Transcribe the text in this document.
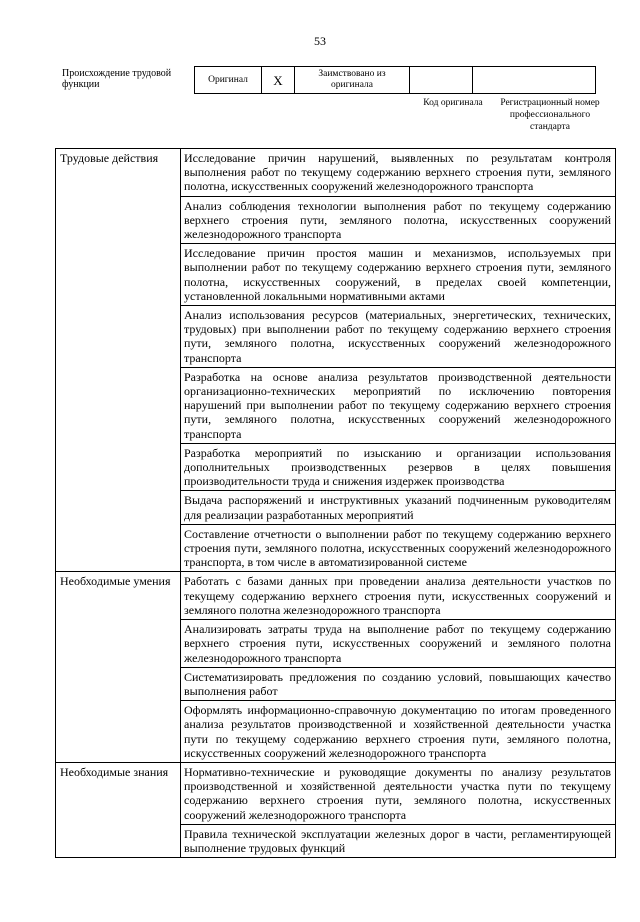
53
Происхождение трудовой функции	Оригинал	X	Заимствовано из оригинала		
Код оригинала	Регистрационный номер профессионального стандарта
Трудовые действия	Исследование причин нарушений, выявленных по результатам контроля выполнения работ по текущему содержанию верхнего строения пути, земляного полотна, искусственных сооружений железнодорожного транспорта
	Анализ соблюдения технологии выполнения работ по текущему содержанию верхнего строения пути, земляного полотна, искусственных сооружений железнодорожного транспорта
	Исследование причин простоя машин и механизмов, используемых при выполнении работ по текущему содержанию верхнего строения пути, земляного полотна, искусственных сооружений, в пределах своей компетенции, установленной локальными нормативными актами
	Анализ использования ресурсов (материальных, энергетических, технических, трудовых) при выполнении работ по текущему содержанию верхнего строения пути, земляного полотна, искусственных сооружений железнодорожного транспорта
	Разработка на основе анализа результатов производственной деятельности организационно-технических мероприятий по исключению повторения нарушений при выполнении работ по текущему содержанию верхнего строения пути, земляного полотна, искусственных сооружений железнодорожного транспорта
	Разработка мероприятий по изысканию и организации использования дополнительных производственных резервов в целях повышения производительности труда и снижения издержек производства
	Выдача распоряжений и инструктивных указаний подчиненным руководителям для реализации разработанных мероприятий
	Составление отчетности о выполнении работ по текущему содержанию верхнего строения пути, земляного полотна, искусственных сооружений железнодорожного транспорта, в том числе в автоматизированной системе
Необходимые умения	Работать с базами данных при проведении анализа деятельности участков по текущему содержанию верхнего строения пути, искусственных сооружений и земляного полотна железнодорожного транспорта
	Анализировать затраты труда на выполнение работ по текущему содержанию верхнего строения пути, искусственных сооружений и земляного полотна железнодорожного транспорта
	Систематизировать предложения по созданию условий, повышающих качество выполнения работ
	Оформлять информационно-справочную документацию по итогам проведенного анализа результатов производственной и хозяйственной деятельности участка пути по текущему содержанию верхнего строения пути, земляного полотна, искусственных сооружений железнодорожного транспорта
Необходимые знания	Нормативно-технические и руководящие документы по анализу результатов производственной и хозяйственной деятельности участка пути по текущему содержанию верхнего строения пути, земляного полотна, искусственных сооружений железнодорожного транспорта
	Правила технической эксплуатации железных дорог в части, регламентирующей выполнение трудовых функций
